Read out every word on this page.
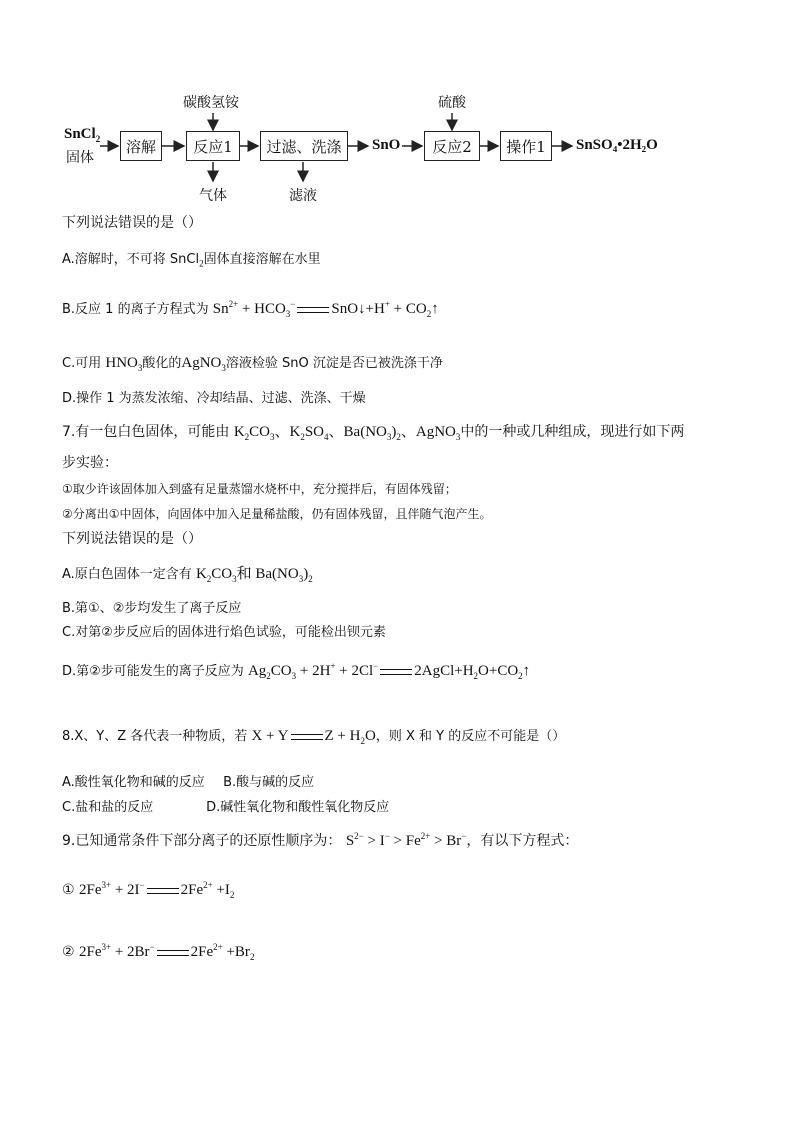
SnCl$_2$
固体
溶解	反应1	过滤、洗涤	SnO	反应2	操作1	SnSO₄•2H₂O
碳酸氢铵	硫酸
气体	滤液
下列说法错误的是（）
A.溶解时，不可将 SnCl$_2$固体直接溶解在水里
B.反应 1 的离子方程式为 $Sn^{2+} + HCO_3^-$ SnO↓+H+ + $CO_2↑$
C.可用 $HNO_3$酸化的AgNO$_3$溶液检验 SnO 沉淀是否已被洗涤干净
D.操作 1 为蒸发浓缩、冷却结晶、过滤、洗涤、干燥
7.有一包白色固体，可能由 $K_2CO_3$、$K_2SO_4$、$Ba(NO_3)_2$、AgNO$_3$中的一种或几种组成，现进行如下两
步实验：
①取少许该固体加入到盛有足量蒸馏水烧杯中，充分搅拌后，有固体残留；
②分离出①中固体，向固体中加入足量稀盐酸，仍有固体残留，且伴随气泡产生。
下列说法错误的是（）
A.原白色固体一定含有 $K_2CO_3$和 $Ba(NO_3)_2$
B.第①、②步均发生了离子反应
C.对第②步反应后的固体进行焰色试验，可能检出钡元素
D.第②步可能发生的离子反应为 $Ag_2CO_3 + 2H^+ + 2Cl^-$ $2AgCl+H_2O+CO_2↑$
8.X、Y、Z 各代表一种物质，若 X + Y $Z + H_2O$，则 X 和 Y 的反应不可能是（）
A.酸性氧化物和碱的反应 B.酸与碱的反应
C.盐和盐的反应	D.碱性氧化物和酸性氧化物反应
9.已知通常条件下部分离子的还原性顺序为： $S^{2-} > I^- > Fe^{2+} > Br^-$，有以下方程式：
① $2Fe^{3+} + 2I^-$ $2Fe^{2+} +I_2$
② $2Fe^{3+} + 2Br^-$ $2Fe^{2+} +Br_2$
